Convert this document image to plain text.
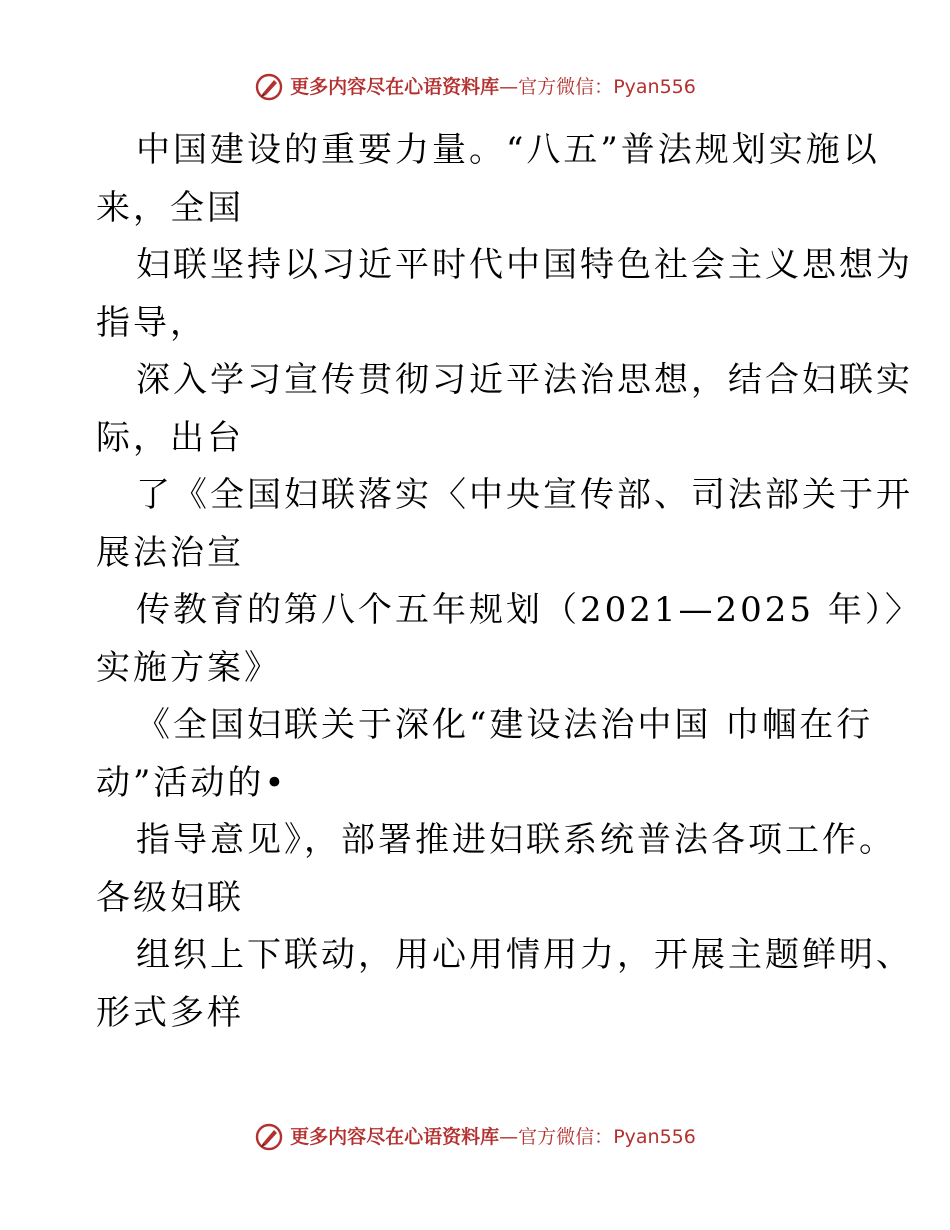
更多内容尽在心语资料库—官方微信：Pyan556
中国建设的重要力量。“八五”普法规划实施以
来，全国
妇联坚持以习近平时代中国特色社会主义思想为
指导，
深入学习宣传贯彻习近平法治思想，结合妇联实
际，出台
了《全国妇联落实〈中央宣传部、司法部关于开
展法治宣
传教育的第八个五年规划（2021—2025 年）〉
实施方案》
《全国妇联关于深化“建设法治中国 巾帼在行
动”活动的•
指导意见》，部署推进妇联系统普法各项工作。
各级妇联
组织上下联动，用心用情用力，开展主题鲜明、
形式多样
更多内容尽在心语资料库—官方微信：Pyan556
